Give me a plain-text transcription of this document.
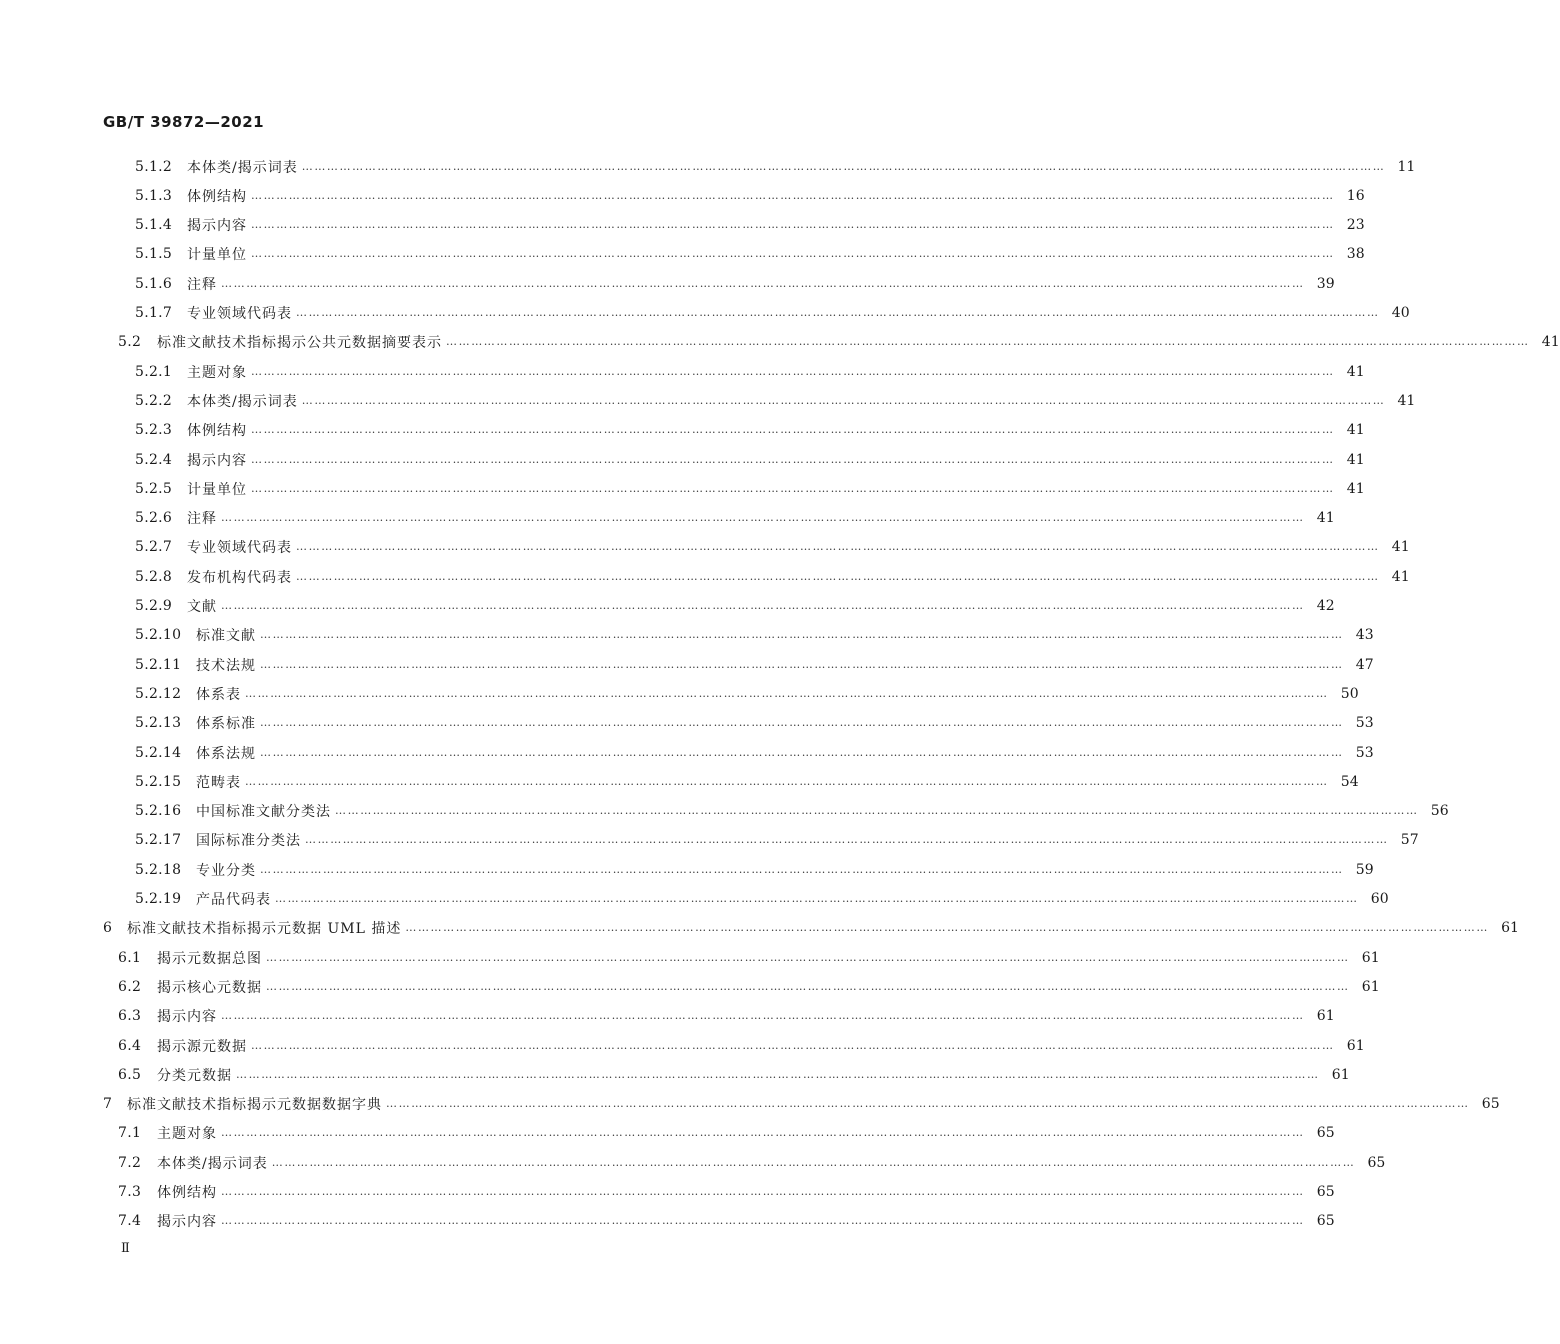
GB/T 39872—2021
5.1.2	本体类/揭示词表 …………………………………………………………………………………………………………………………………………………………………………………………………………………………………… 11
5.1.3	体例结构 …………………………………………………………………………………………………………………………………………………………………………………………………………………………………… 16
5.1.4	揭示内容 …………………………………………………………………………………………………………………………………………………………………………………………………………………………………… 23
5.1.5	计量单位 …………………………………………………………………………………………………………………………………………………………………………………………………………………………………… 38
5.1.6	注释 …………………………………………………………………………………………………………………………………………………………………………………………………………………………………… 39
5.1.7	专业领域代码表 …………………………………………………………………………………………………………………………………………………………………………………………………………………………………… 40
5.2	标准文献技术指标揭示公共元数据摘要表示 …………………………………………………………………………………………………………………………………………………………………………………………………………………………………… 41
5.2.1	主题对象 …………………………………………………………………………………………………………………………………………………………………………………………………………………………………… 41
5.2.2	本体类/揭示词表 …………………………………………………………………………………………………………………………………………………………………………………………………………………………………… 41
5.2.3	体例结构 …………………………………………………………………………………………………………………………………………………………………………………………………………………………………… 41
5.2.4	揭示内容 …………………………………………………………………………………………………………………………………………………………………………………………………………………………………… 41
5.2.5	计量单位 …………………………………………………………………………………………………………………………………………………………………………………………………………………………………… 41
5.2.6	注释 …………………………………………………………………………………………………………………………………………………………………………………………………………………………………… 41
5.2.7	专业领域代码表 …………………………………………………………………………………………………………………………………………………………………………………………………………………………………… 41
5.2.8	发布机构代码表 …………………………………………………………………………………………………………………………………………………………………………………………………………………………………… 41
5.2.9	文献 …………………………………………………………………………………………………………………………………………………………………………………………………………………………………… 42
5.2.10	标准文献 …………………………………………………………………………………………………………………………………………………………………………………………………………………………………… 43
5.2.11	技术法规 …………………………………………………………………………………………………………………………………………………………………………………………………………………………………… 47
5.2.12	体系表 …………………………………………………………………………………………………………………………………………………………………………………………………………………………………… 50
5.2.13	体系标准 …………………………………………………………………………………………………………………………………………………………………………………………………………………………………… 53
5.2.14	体系法规 …………………………………………………………………………………………………………………………………………………………………………………………………………………………………… 53
5.2.15	范畴表 …………………………………………………………………………………………………………………………………………………………………………………………………………………………………… 54
5.2.16	中国标准文献分类法 …………………………………………………………………………………………………………………………………………………………………………………………………………………………………… 56
5.2.17	国际标准分类法 …………………………………………………………………………………………………………………………………………………………………………………………………………………………………… 57
5.2.18	专业分类 …………………………………………………………………………………………………………………………………………………………………………………………………………………………………… 59
5.2.19	产品代码表 …………………………………………………………………………………………………………………………………………………………………………………………………………………………………… 60
6	标准文献技术指标揭示元数据 UML 描述 …………………………………………………………………………………………………………………………………………………………………………………………………………………………………… 61
6.1	揭示元数据总图 …………………………………………………………………………………………………………………………………………………………………………………………………………………………………… 61
6.2	揭示核心元数据 …………………………………………………………………………………………………………………………………………………………………………………………………………………………………… 61
6.3	揭示内容 …………………………………………………………………………………………………………………………………………………………………………………………………………………………………… 61
6.4	揭示源元数据 …………………………………………………………………………………………………………………………………………………………………………………………………………………………………… 61
6.5	分类元数据 …………………………………………………………………………………………………………………………………………………………………………………………………………………………………… 61
7	标准文献技术指标揭示元数据数据字典 …………………………………………………………………………………………………………………………………………………………………………………………………………………………………… 65
7.1	主题对象 …………………………………………………………………………………………………………………………………………………………………………………………………………………………………… 65
7.2	本体类/揭示词表 …………………………………………………………………………………………………………………………………………………………………………………………………………………………………… 65
7.3	体例结构 …………………………………………………………………………………………………………………………………………………………………………………………………………………………………… 65
7.4	揭示内容 …………………………………………………………………………………………………………………………………………………………………………………………………………………………………… 65
Ⅱ
